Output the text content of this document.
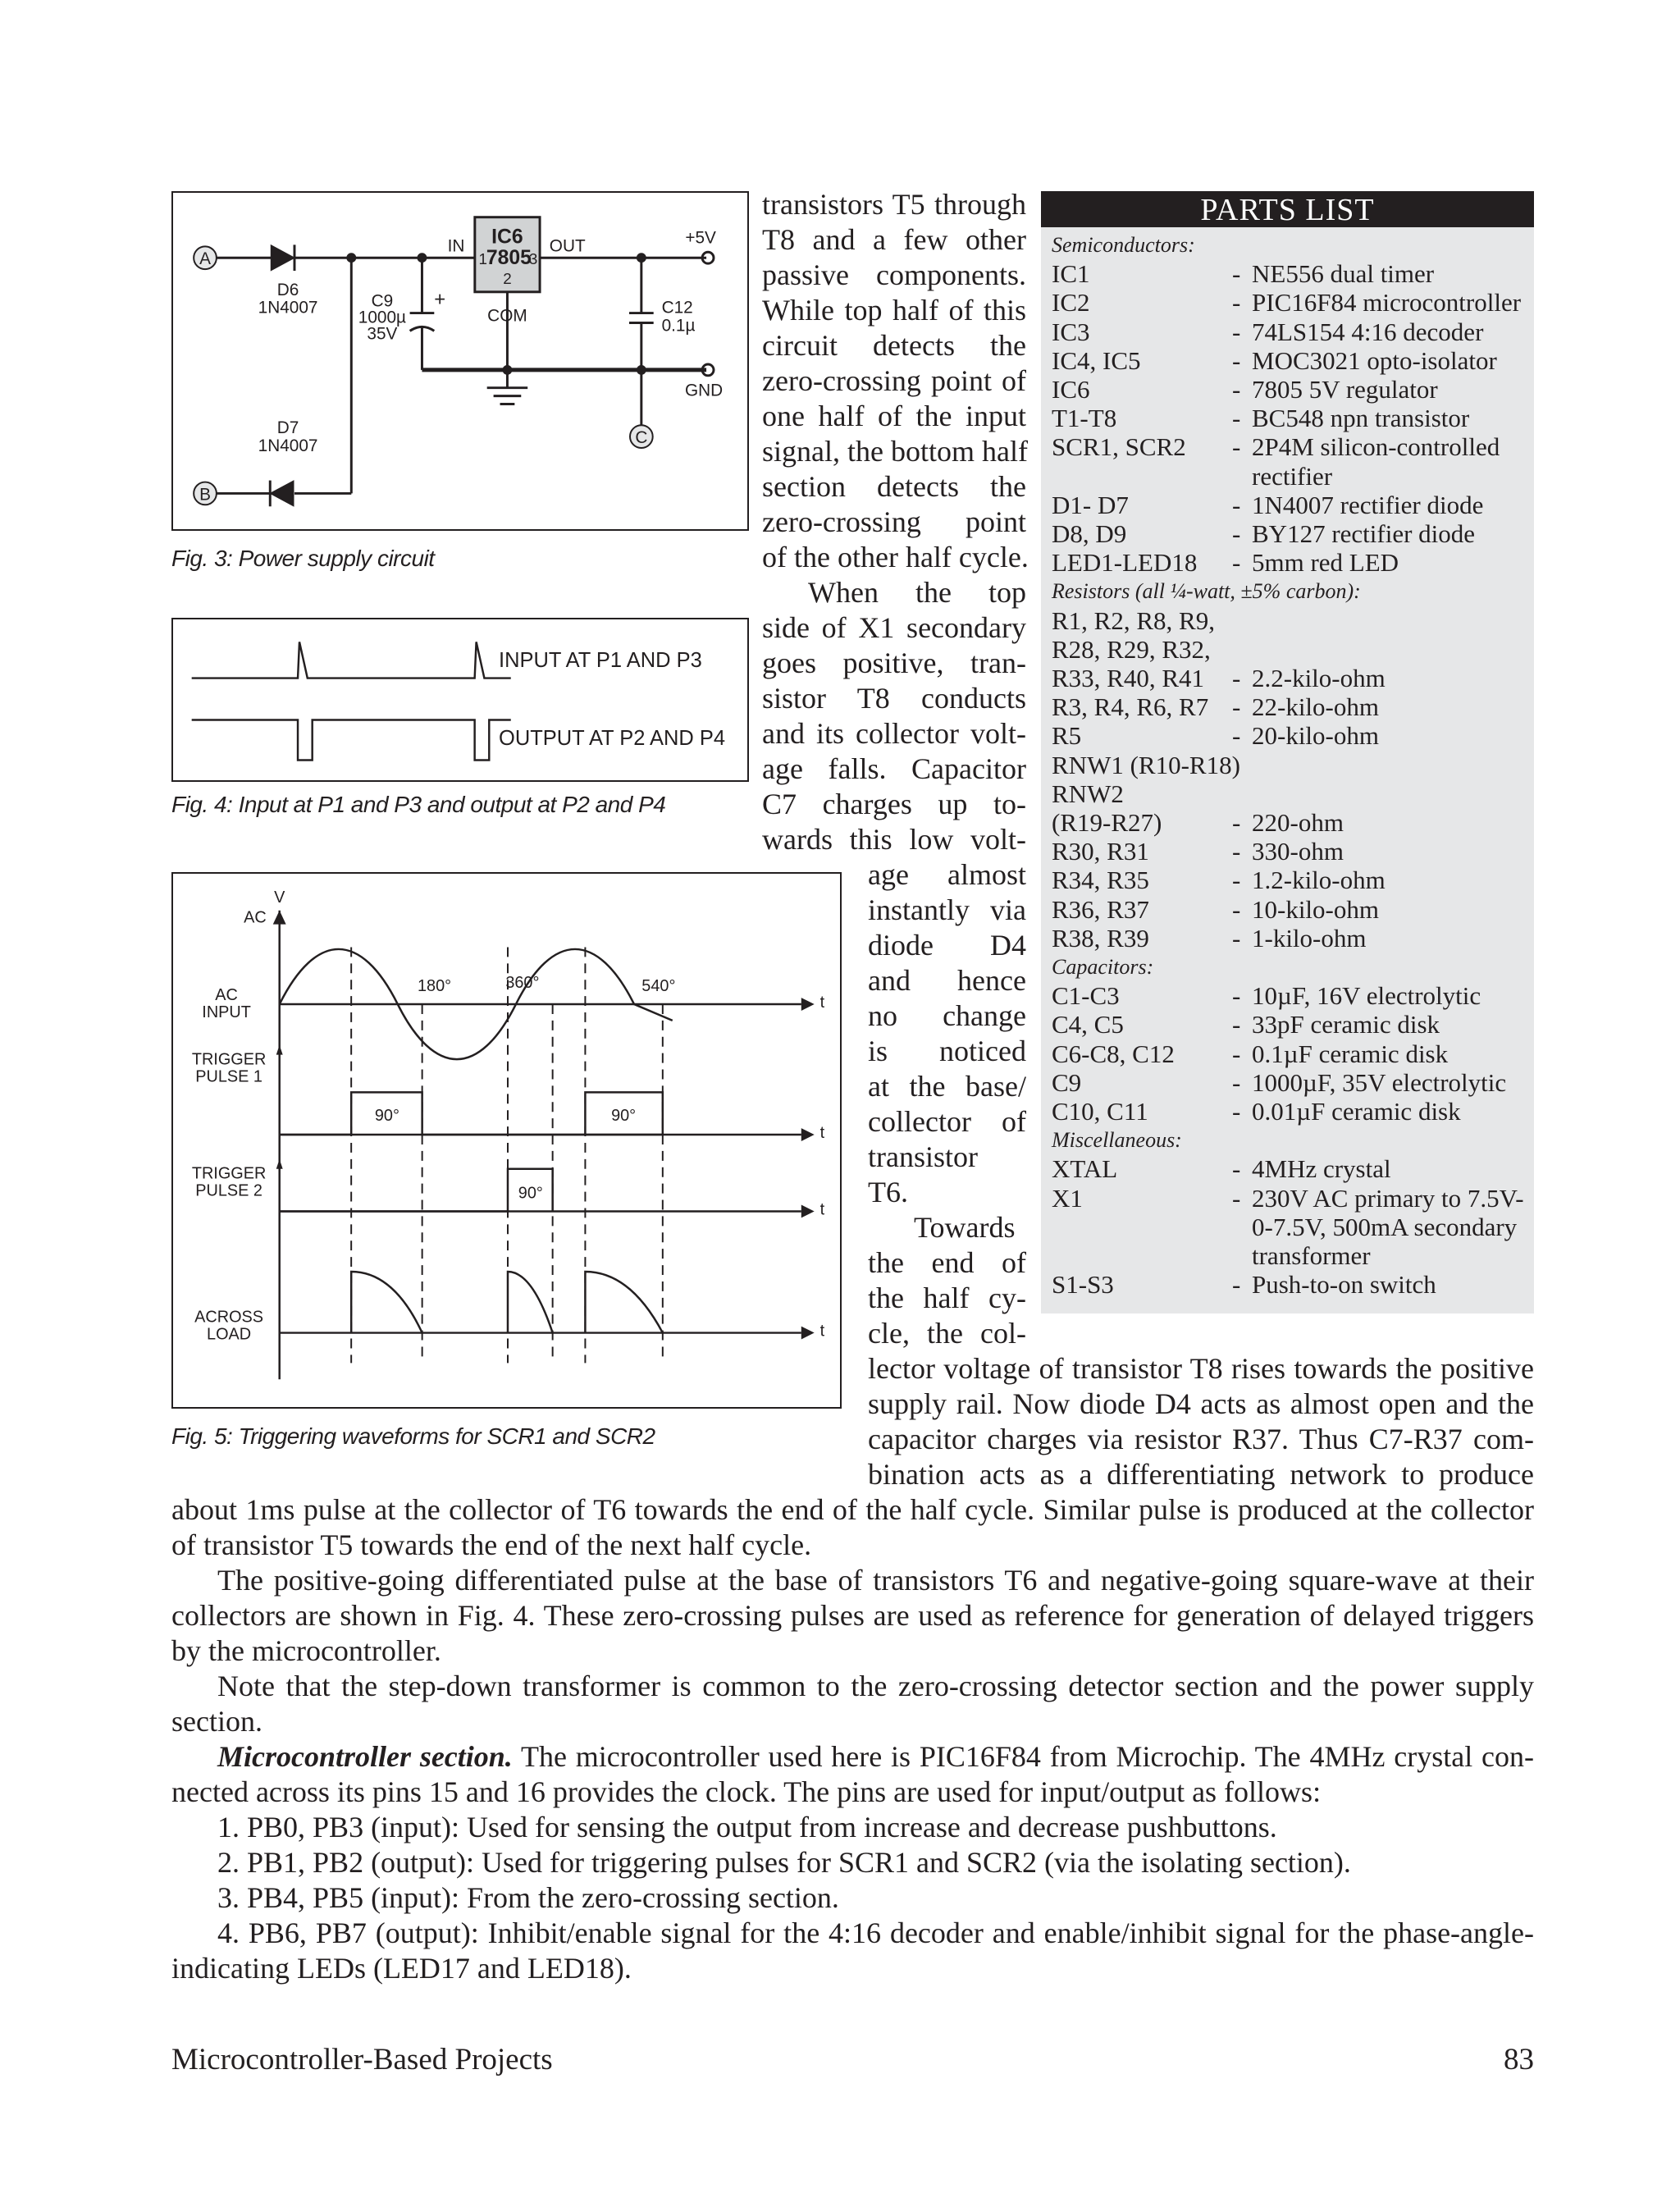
A
B
C
D6
1N4007
D7
1N4007
C9
1000µ
35V
+
IN	OUT
COM
+5V
GND
C12
0.1µ
IC6
7805
1	3
2
Fig. 3: Power supply circuit
INPUT AT P1 AND P3
OUTPUT AT P2 AND P4
Fig. 4: Input at P1 and P3 and output at P2 and P4
V
AC
AC
INPUT
TRIGGER
PULSE 1
TRIGGER
PULSE 2
ACROSS
LOAD
180°	360°	540°
90°	90°
90°
t
t
t
t
Fig. 5: Triggering waveforms for SCR1 and SCR2
transistors T5 through
T8 and a few other
passive components.
While top half of this
circuit detects the
zero-crossing point of
one half of the input
signal, the bottom half
section detects the
zero-crossing point
of the other half cycle.
When the top
side of X1 secondary
goes positive, tran-
sistor T8 conducts
and its collector volt-
age falls. Capacitor
C7 charges up to-
wards this low volt-
age almost
instantly via
diode D4
and hence
no change
is noticed
at the base/
collector of
transistor
T6.
Towards
the end of
the half cy-
cle, the col-
lector voltage of transistor T8 rises towards the positive
supply rail. Now diode D4 acts as almost open and the
capacitor charges via resistor R37. Thus C7-R37 com-
bination acts as a differentiating network to produce
about 1ms pulse at the collector of T6 towards the end of the half cycle. Similar pulse is produced at the collector
of transistor T5 towards the end of the next half cycle.
The positive-going differentiated pulse at the base of transistors T6 and negative-going square-wave at their
collectors are shown in Fig. 4. These zero-crossing pulses are used as reference for generation of delayed triggers
by the microcontroller.
Note that the step-down transformer is common to the zero-crossing detector section and the power supply
section.
Microcontroller section. The microcontroller used here is PIC16F84 from Microchip. The 4MHz crystal con-
nected across its pins 15 and 16 provides the clock. The pins are used for input/output as follows:
1. PB0, PB3 (input): Used for sensing the output from increase and decrease pushbuttons.
2. PB1, PB2 (output): Used for triggering pulses for SCR1 and SCR2 (via the isolating section).
3. PB4, PB5 (input): From the zero-crossing section.
4. PB6, PB7 (output): Inhibit/enable signal for the 4:16 decoder and enable/inhibit signal for the phase-angle-
indicating LEDs (LED17 and LED18).
PARTS LIST
Semiconductors:
IC1	- NE556 dual timer
IC2	- PIC16F84 microcontroller
IC3	- 74LS154 4:16 decoder
IC4, IC5	- MOC3021 opto-isolator
IC6	- 7805 5V regulator
T1-T8	- BC548 npn transistor
SCR1, SCR2 - 2P4M silicon-controlled
rectifier
D1- D7	- 1N4007 rectifier diode
D8, D9	- BY127 rectifier diode
LED1-LED18 - 5mm red LED
Resistors (all ¼-watt, ±5% carbon):
R1, R2, R8, R9,
R28, R29, R32,
R33, R40, R41 - 2.2-kilo-ohm
R3, R4, R6, R7 - 22-kilo-ohm
R5	- 20-kilo-ohm
RNW1 (R10-R18)
RNW2
(R19-R27)	- 220-ohm
R30, R31	- 330-ohm
R34, R35	- 1.2-kilo-ohm
R36, R37	- 10-kilo-ohm
R38, R39	- 1-kilo-ohm
Capacitors:
C1-C3	- 10µF, 16V electrolytic
C4, C5	- 33pF ceramic disk
C6-C8, C12 - 0.1µF ceramic disk
C9	- 1000µF, 35V electrolytic
C10, C11	- 0.01µF ceramic disk
Miscellaneous:
XTAL	- 4MHz crystal
X1	- 230V AC primary to 7.5V-
0-7.5V, 500mA secondary
transformer
S1-S3	- Push-to-on switch
Microcontroller-Based Projects	83
